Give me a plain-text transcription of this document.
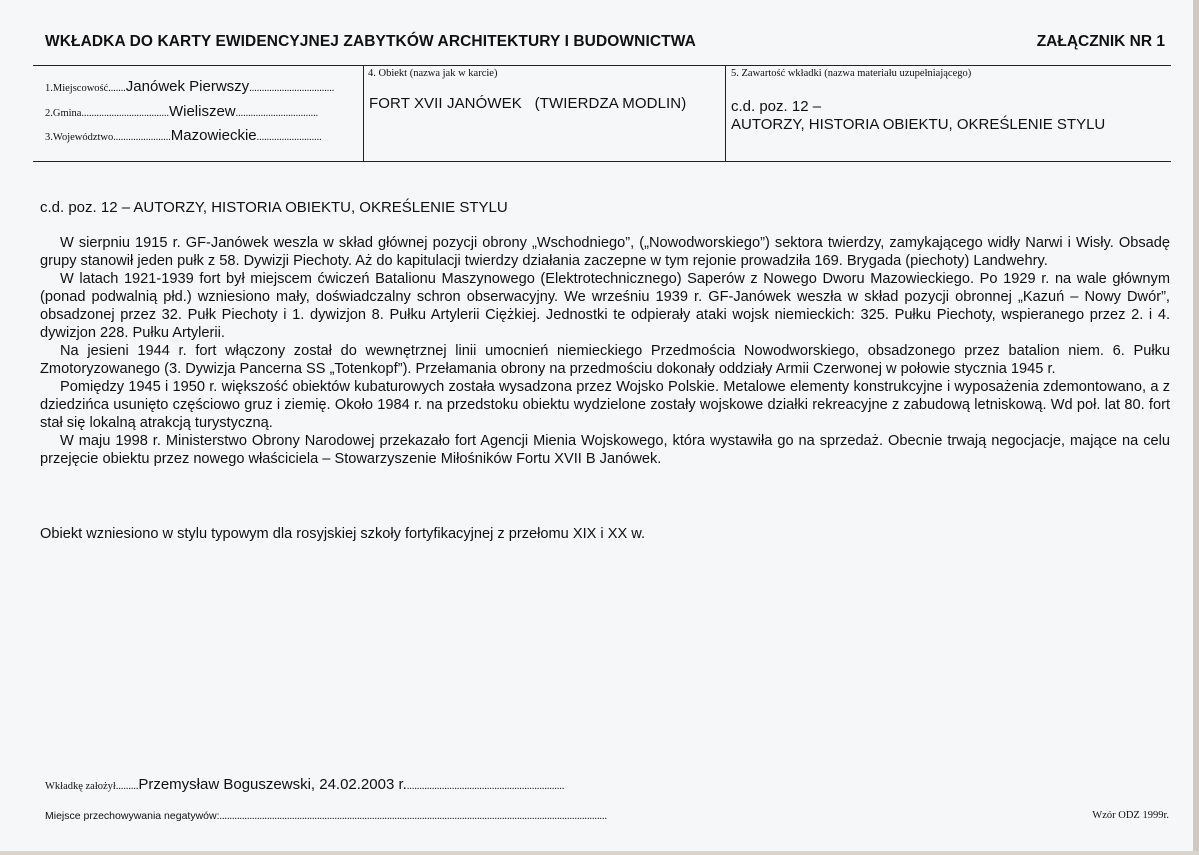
WKŁADKA DO KARTY EWIDENCYJNEJ ZABYTKÓW ARCHITEKTURY I BUDOWNICTWA	ZAŁĄCZNIK NR 1
1.Miejscowość.......Janówek Pierwszy..................................
2.Gmina...................................Wieliszew.................................
3.Województwo.......................Mazowieckie..........................
4. Obiekt (nazwa jak w karcie)
FORT XVII JANÓWEK   (TWIERDZA MODLIN)
5. Zawartość wkładki (nazwa materiału uzupełniającego)
c.d. poz. 12 –
AUTORZY, HISTORIA OBIEKTU, OKREŚLENIE STYLU
c.d. poz. 12 – AUTORZY, HISTORIA OBIEKTU, OKREŚLENIE STYLU

W sierpniu 1915 r. GF-Janówek weszla w skład głównej pozycji obrony „Wschodniego”, („Nowodworskiego”) sektora twierdzy, zamykającego widły Narwi i Wisły. Obsadę grupy stanowił jeden pułk z 58. Dywizji Piechoty. Aż do kapitulacji twierdzy działania zaczepne w tym rejonie prowadziła 169. Brygada (piechoty) Landwehry.

W latach 1921-1939 fort był miejscem ćwiczeń Batalionu Maszynowego (Elektrotechnicznego) Saperów z Nowego Dworu Mazowieckiego. Po 1929 r. na wale głównym (ponad podwalnią płd.) wzniesiono mały, doświadczalny schron obserwacyjny. We wrześniu 1939 r. GF-Janówek weszła w skład pozycji obronnej „Kazuń – Nowy Dwór”, obsadzonej przez 32. Pułk Piechoty i 1. dywizjon 8. Pułku Artylerii Ciężkiej. Jednostki te odpierały ataki wojsk niemieckich: 325. Pułku Piechoty, wspieranego przez 2. i 4. dywizjon 228. Pułku Artylerii.

Na jesieni 1944 r. fort włączony został do wewnętrznej linii umocnień niemieckiego Przedmościa Nowodworskiego, obsadzonego przez batalion niem. 6. Pułku Zmotoryzowanego (3. Dywizja Pancerna SS „Totenkopf”). Przełamania obrony na przedmościu dokonały oddziały Armii Czerwonej w połowie stycznia 1945 r.

Pomiędzy 1945 i 1950 r. większość obiektów kubaturowych została wysadzona przez Wojsko Polskie. Metalowe elementy konstrukcyjne i wyposażenia zdemontowano, a z dziedzińca usunięto częściowo gruz i ziemię. Około 1984 r. na przedstoku obiektu wydzielone zostały wojskowe działki rekreacyjne z zabudową letniskową. Wd poł. lat 80. fort stał się lokalną atrakcją turystyczną.

W maju 1998 r. Ministerstwo Obrony Narodowej przekazało fort Agencji Mienia Wojskowego, która wystawiła go na sprzedaż. Obecnie trwają negocjacje, mające na celu przejęcie obiektu przez nowego właściciela – Stowarzyszenie Miłośników Fortu XVII B Janówek.

Obiekt wzniesiono w stylu typowym dla rosyjskiej szkoły fortyfikacyjnej z przełomu XIX i XX w.
Wkładkę założył.........Przemysław Boguszewski, 24.02.2003 r................................................................
Miejsce przechowywania negatywów:...........................................................................................................................................................	Wzór ODZ 1999r.
